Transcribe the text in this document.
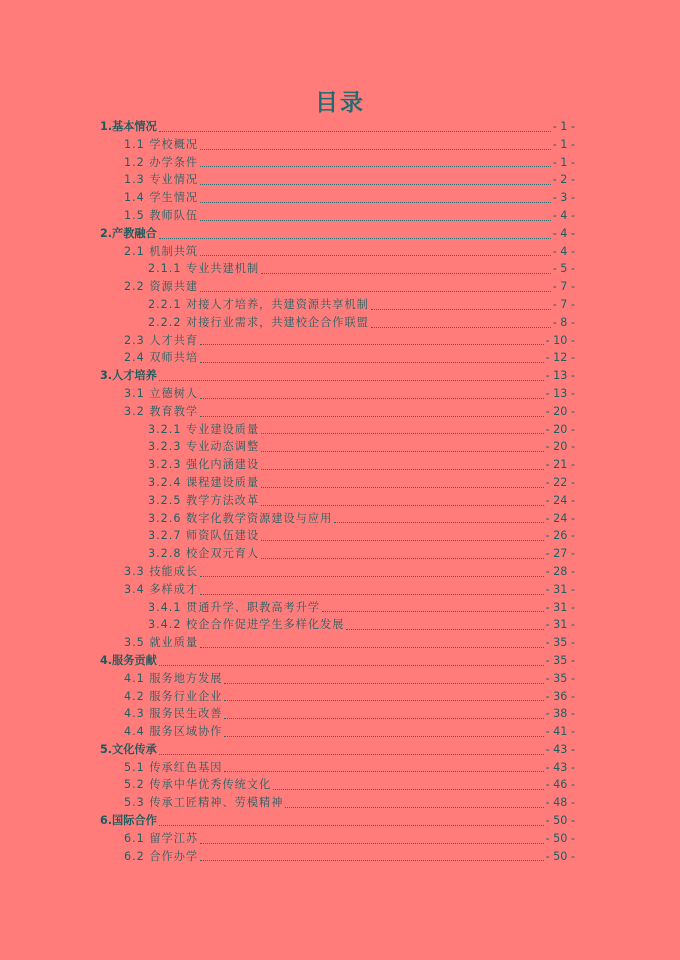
目录
1.基本情况	- 1 -
1.1 学校概况	- 1 -
1.2 办学条件	- 1 -
1.3 专业情况	- 2 -
1.4 学生情况	- 3 -
1.5 教师队伍	- 4 -
2.产教融合	- 4 -
2.1 机制共筑	- 4 -
2.1.1 专业共建机制	- 5 -
2.2 资源共建	- 7 -
2.2.1 对接人才培养，共建资源共享机制	- 7 -
2.2.2 对接行业需求，共建校企合作联盟	- 8 -
2.3 人才共育	- 10 -
2.4 双师共培	- 12 -
3.人才培养	- 13 -
3.1 立德树人	- 13 -
3.2 教育教学	- 20 -
3.2.1 专业建设质量	- 20 -
3.2.3 专业动态调整	- 20 -
3.2.3 强化内涵建设	- 21 -
3.2.4 课程建设质量	- 22 -
3.2.5 教学方法改革	- 24 -
3.2.6 数字化教学资源建设与应用	- 24 -
3.2.7 师资队伍建设	- 26 -
3.2.8 校企双元育人	- 27 -
3.3 技能成长	- 28 -
3.4 多样成才	- 31 -
3.4.1 贯通升学、职教高考升学	- 31 -
3.4.2 校企合作促进学生多样化发展	- 31 -
3.5 就业质量	- 35 -
4.服务贡献	- 35 -
4.1 服务地方发展	- 35 -
4.2 服务行业企业	- 36 -
4.3 服务民生改善	- 38 -
4.4 服务区域协作	- 41 -
5.文化传承	- 43 -
5.1 传承红色基因	- 43 -
5.2 传承中华优秀传统文化	- 46 -
5.3 传承工匠精神、劳模精神	- 48 -
6.国际合作	- 50 -
6.1 留学江苏	- 50 -
6.2 合作办学	- 50 -
